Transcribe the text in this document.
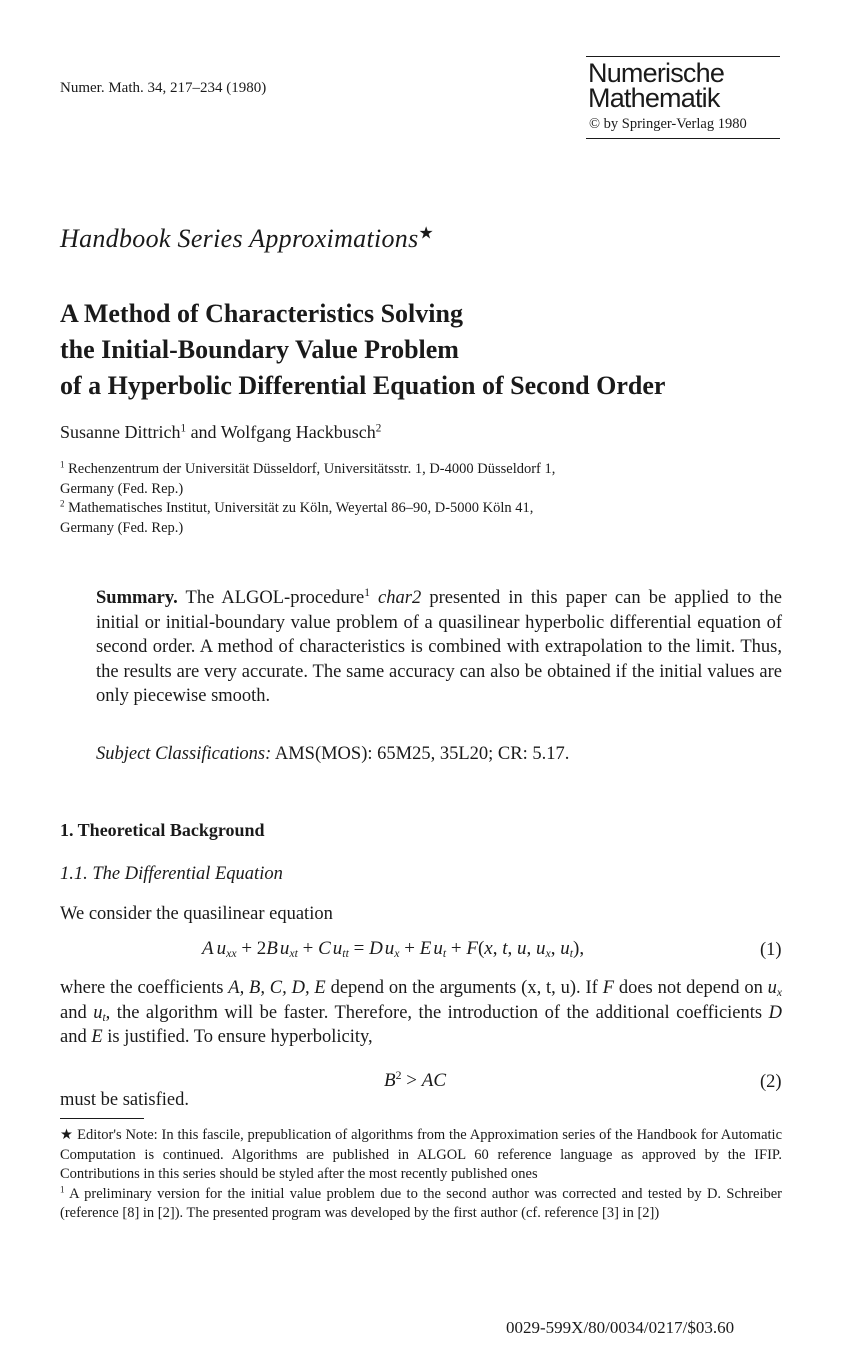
Numer. Math. 34, 217–234 (1980)	Numerische
Mathematik
© by Springer-Verlag 1980
Handbook Series Approximations★
A Method of Characteristics Solving
the Initial-Boundary Value Problem
of a Hyperbolic Differential Equation of Second Order
Susanne Dittrich$^1$ and Wolfgang Hackbusch$^2$
$^1$ Rechenzentrum der Universität Düsseldorf, Universitätsstr. 1, D-4000 Düsseldorf 1,
Germany (Fed. Rep.)
$^2$ Mathematisches Institut, Universität zu Köln, Weyertal 86–90, D-5000 Köln 41,
Germany (Fed. Rep.)
Summary. The ALGOL-procedure$^1$ char2 presented in this paper can be applied to the initial or initial-boundary value problem of a quasilinear hyperbolic differential equation of second order. A method of characteristics is combined with extrapolation to the limit. Thus, the results are very accurate. The same accuracy can also be obtained if the initial values are only piecewise smooth.
Subject Classifications: AMS(MOS): 65M25, 35L20; CR: 5.17.
1. Theoretical Background
1.1. The Differential Equation
We consider the quasilinear equation
A $u_{xx} + 2B$ $u_{xt} + C$ $u_{tt} = D$ $u_x + E$ $u_t + F(x$, t, u, $u_x$, $u_t$),	(1)
where the coefficients A, B, C, D, E depend on the arguments (x, t, u). If F does not depend on $u_x$ and $u_t$, the algorithm will be faster. Therefore, the introduction of the additional coefficients D and E is justified. To ensure hyperbolicity,
$B^2$ > AC	(2)
must be satisfied.
★ Editor's Note: In this fascile, prepublication of algorithms from the Approximation series of the Handbook for Automatic Computation is continued. Algorithms are published in ALGOL 60 reference language as approved by the IFIP. Contributions in this series should be styled after the most recently published ones
$^1$ A preliminary version for the initial value problem due to the second author was corrected and tested by D. Schreiber (reference [8] in [2]). The presented program was developed by the first author (cf. reference [3] in [2])
0029-599X/80/0034/0217/$03.60
